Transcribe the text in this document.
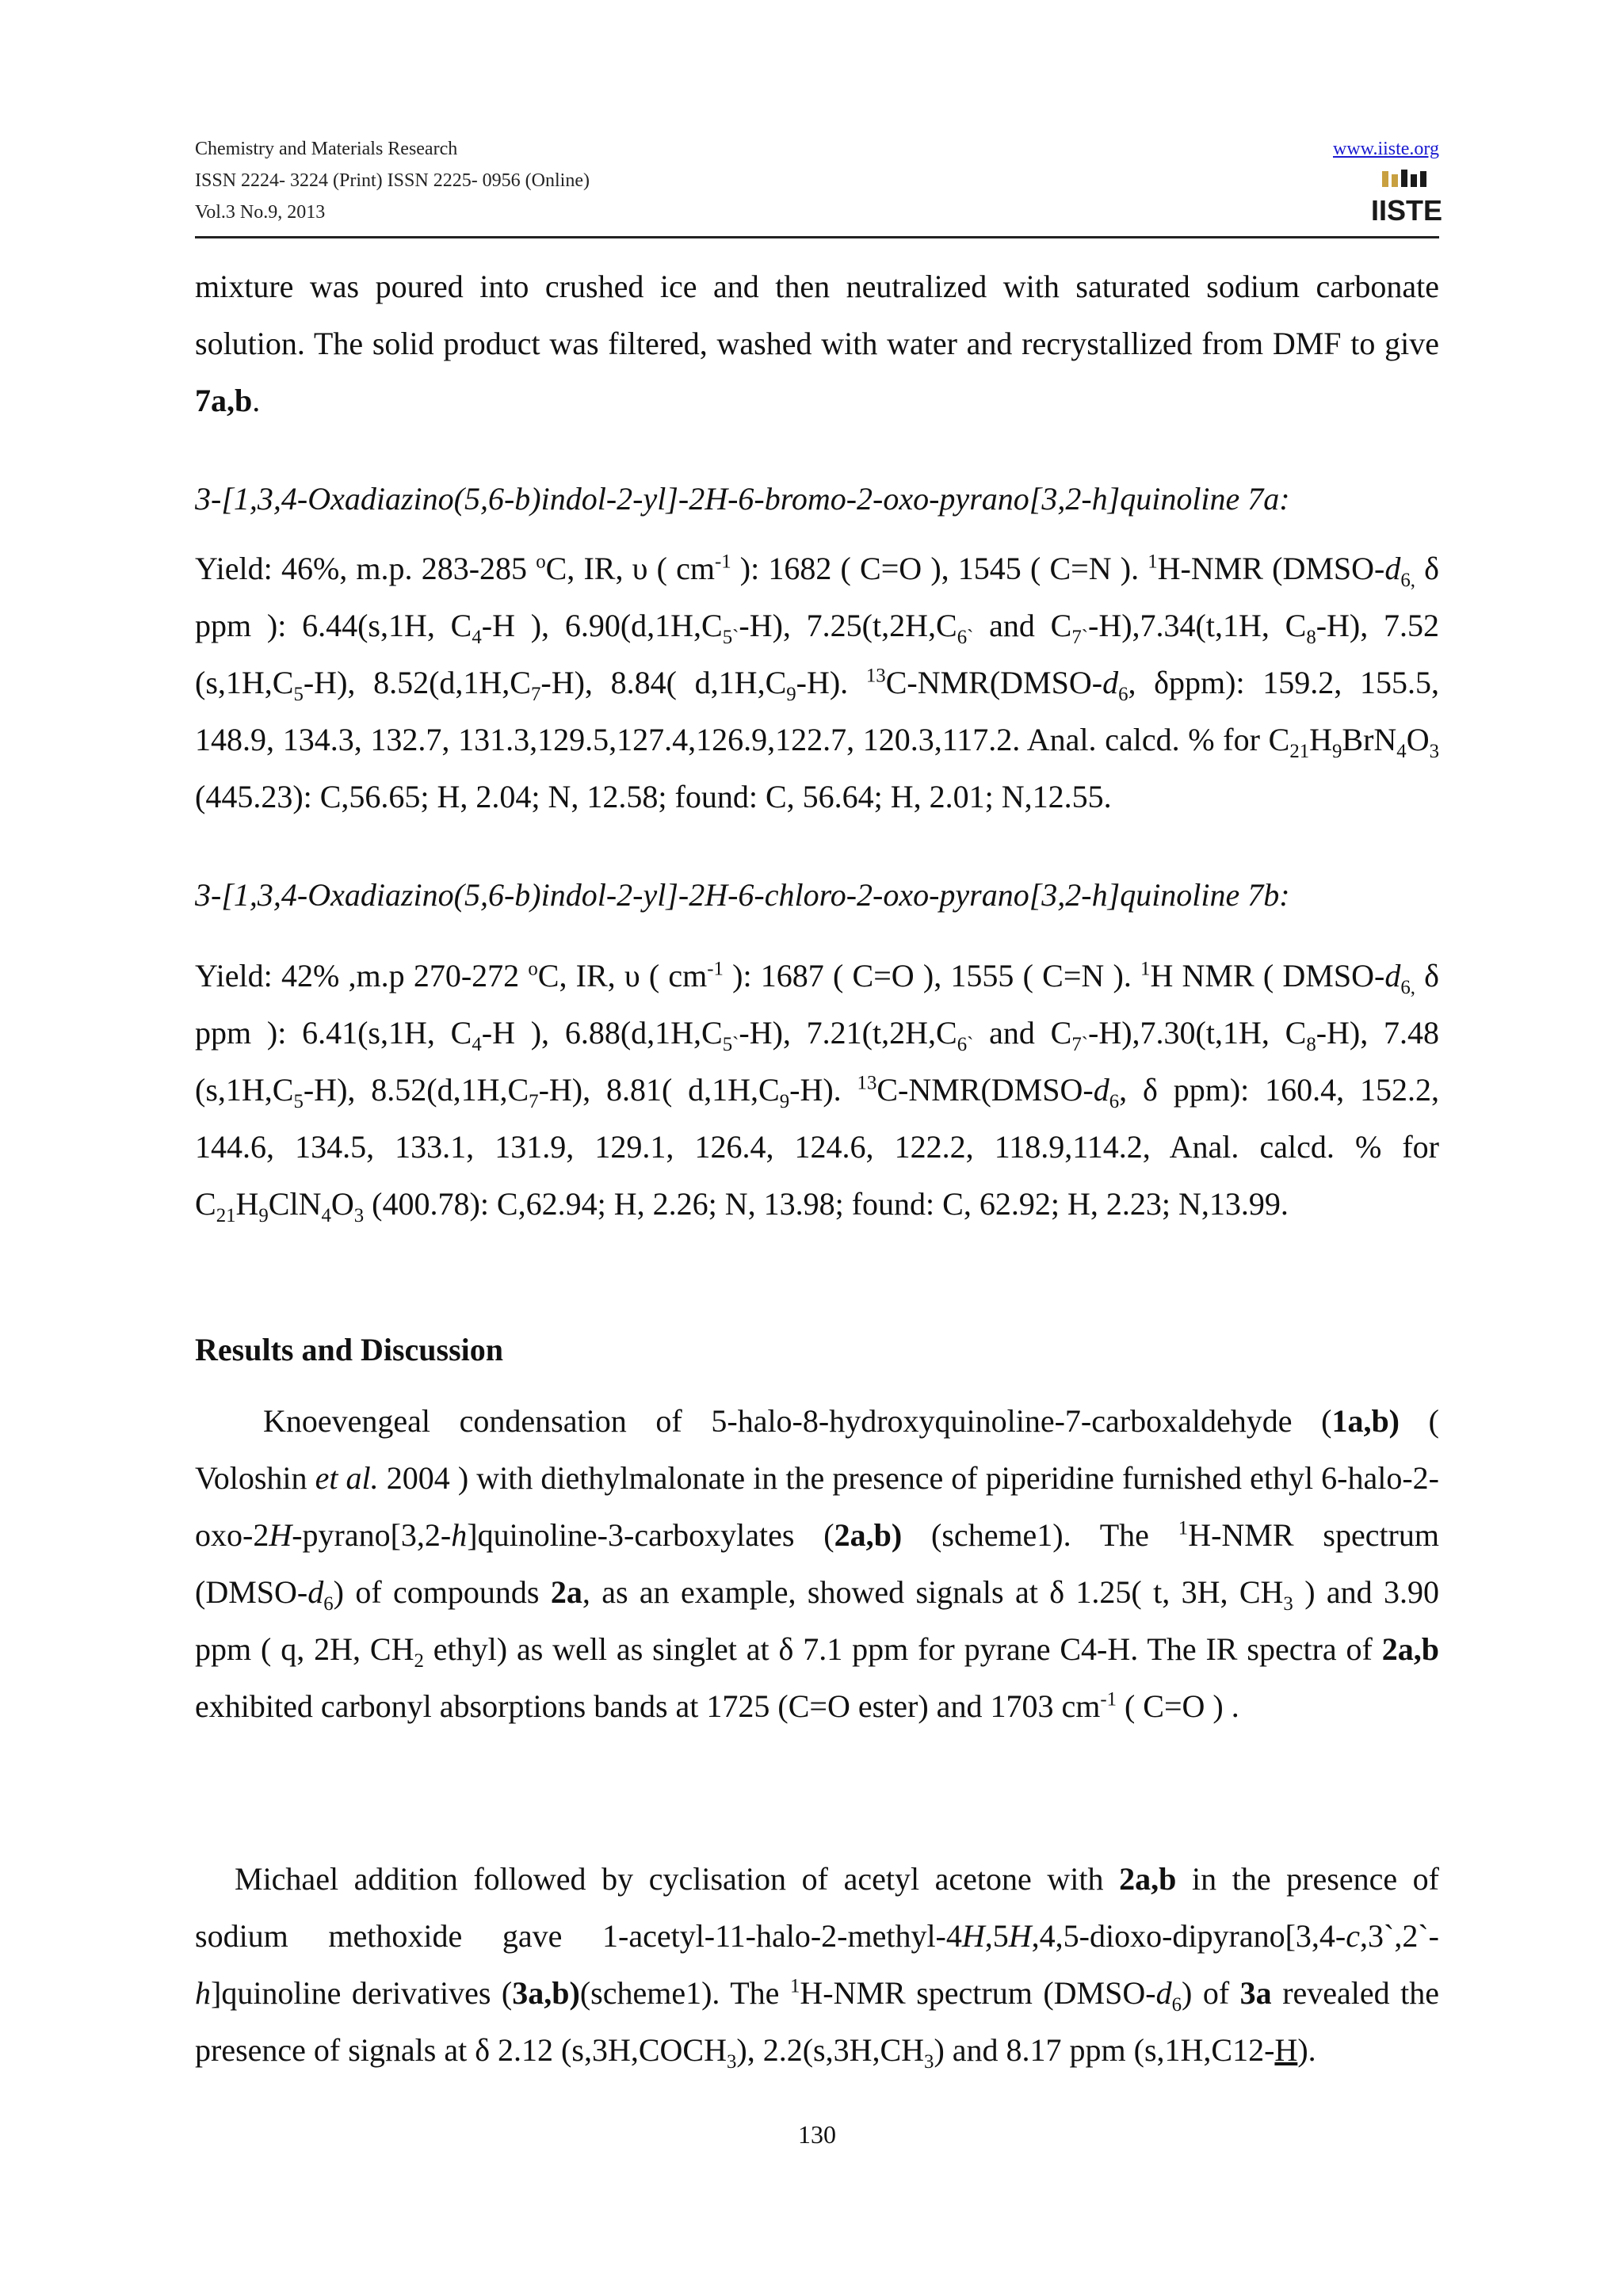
Chemistry and Materials Research
ISSN 2224- 3224 (Print) ISSN 2225- 0956 (Online)
Vol.3 No.9, 2013
www.iiste.org
IISTE

mixture was poured into crushed ice and then neutralized with saturated sodium carbonate solution. The solid product was filtered, washed with water and recrystallized from DMF to give 7a,b.

3-[1,3,4-Oxadiazino(5,6-b)indol-2-yl]-2H-6-bromo-2-oxo-pyrano[3,2-h]quinoline 7a:

Yield: 46%, m.p. 283-285 $^o$C, IR, υ ( $cm^{-1}$ ): 1682 ( C=O ), 1545 ( C=N ). $^1$H-NMR ($DMSO-d_{6,}$ δ ppm ): 6.44(s,1H, $C_4-H$ ), $6.90(d,1H,C_{5`}-H)$, $7.25(t,2H,C_{6`}$ and $C_{7`}-H),7.34(t,1H$, $C_8-H$), 7.52 $(s,1H,C_5-H)$, $8.52(d,1H,C_7-H)$, 8.84( $d,1H,C_9-H$). $^{13}C-NMR(DMSO-d_6$, δppm): 159.2, 155.5, 148.9, 134.3, 132.7, 131.3,129.5,127.4,126.9,122.7, 120.3,117.2. Anal. calcd. % for $C_{21}H_9BrN_4O_3$ (445.23): C,56.65; H, 2.04; N, 12.58; found: C, 56.64; H, 2.01; N,12.55.

3-[1,3,4-Oxadiazino(5,6-b)indol-2-yl]-2H-6-chloro-2-oxo-pyrano[3,2-h]quinoline 7b:

Yield: 42% ,m.p 270-272 $^o$C, IR, υ ( $cm^{-1}$ ): 1687 ( C=O ), 1555 ( C=N ). $^1$H NMR ( DMSO-$d_{6,}$ δ ppm ): 6.41(s,1H, $C_4-H$ ), $6.88(d,1H,C_{5`}-H)$, $7.21(t,2H,C_{6`}$ and $C_{7`}-H),7.30(t,1H$, $C_8-H$), 7.48 $(s,1H,C_5-H)$, $8.52(d,1H,C_7-H)$, 8.81( $d,1H,C_9-H$). $^{13}C-NMR(DMSO-d_6$, δ ppm): 160.4, 152.2, 144.6, 134.5, 133.1, 131.9, 129.1, 126.4, 124.6, 122.2, 118.9,114.2, Anal. calcd. % for $C_{21}H_9ClN_4O_3$ (400.78): C,62.94; H, 2.26; N, 13.98; found: C, 62.92; H, 2.23; N,13.99.

Results and Discussion

Knoevengeal condensation of 5-halo-8-hydroxyquinoline-7-carboxaldehyde (1a,b) ( Voloshin et al. 2004 ) with diethylmalonate in the presence of piperidine furnished ethyl 6-halo-2-oxo-2H-pyrano[3,2-h]quinoline-3-carboxylates (2a,b) (scheme1). The $^1$H-NMR spectrum $(DMSO-d_6)$ of compounds 2a, as an example, showed signals at δ 1.25( t, 3H, $CH_3$ ) and 3.90 ppm ( q, 2H, $CH_2$ ethyl) as well as singlet at δ 7.1 ppm for pyrane C4-H. The IR spectra of 2a,b exhibited carbonyl absorptions bands at 1725 (C=O ester) and 1703 $cm^{-1}$ ( C=O ) .

Michael addition followed by cyclisation of acetyl acetone with 2a,b in the presence of sodium methoxide gave 1-acetyl-11-halo-2-methyl-4H,5H,4,5-dioxo-dipyrano[3,4-c,3`,2`-h]quinoline derivatives (3a,b)(scheme1). The $^1$H-NMR spectrum $(DMSO-d_6)$ of 3a revealed the presence of signals at δ 2.12 $(s,3H,COCH_3)$, $2.2(s,3H,CH_3)$ and 8.17 ppm (s,1H,C12-H).

130
